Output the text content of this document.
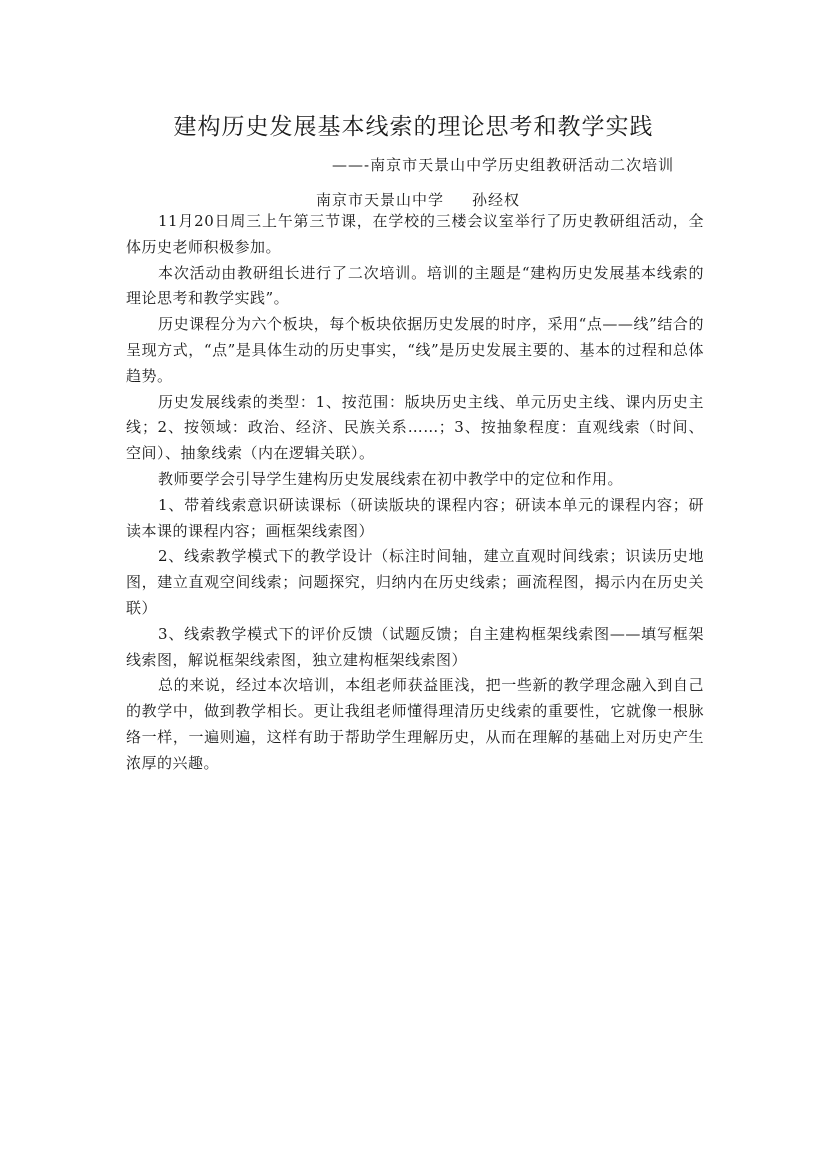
建构历史发展基本线索的理论思考和教学实践
——-南京市天景山中学历史组教研活动二次培训
南京市天景山中学 孙经权

11月20日周三上午第三节课，在学校的三楼会议室举行了历史教研组活动，全体历史老师积极参加。

本次活动由教研组长进行了二次培训。培训的主题是“建构历史发展基本线索的理论思考和教学实践”。

历史课程分为六个板块，每个板块依据历史发展的时序，采用“点——线”结合的呈现方式，“点”是具体生动的历史事实，“线”是历史发展主要的、基本的过程和总体趋势。

历史发展线索的类型：1、按范围：版块历史主线、单元历史主线、课内历史主线；2、按领域：政治、经济、民族关系……；3、按抽象程度：直观线索（时间、空间）、抽象线索（内在逻辑关联）。

教师要学会引导学生建构历史发展线索在初中教学中的定位和作用。

1、带着线索意识研读课标（研读版块的课程内容；研读本单元的课程内容；研读本课的课程内容；画框架线索图）

2、线索教学模式下的教学设计（标注时间轴，建立直观时间线索；识读历史地图，建立直观空间线索；问题探究，归纳内在历史线索；画流程图，揭示内在历史关联）

3、线索教学模式下的评价反馈（试题反馈；自主建构框架线索图——填写框架线索图，解说框架线索图，独立建构框架线索图）

总的来说，经过本次培训，本组老师获益匪浅，把一些新的教学理念融入到自己的教学中，做到教学相长。更让我组老师懂得理清历史线索的重要性，它就像一根脉络一样，一遍则遍，这样有助于帮助学生理解历史，从而在理解的基础上对历史产生浓厚的兴趣。
